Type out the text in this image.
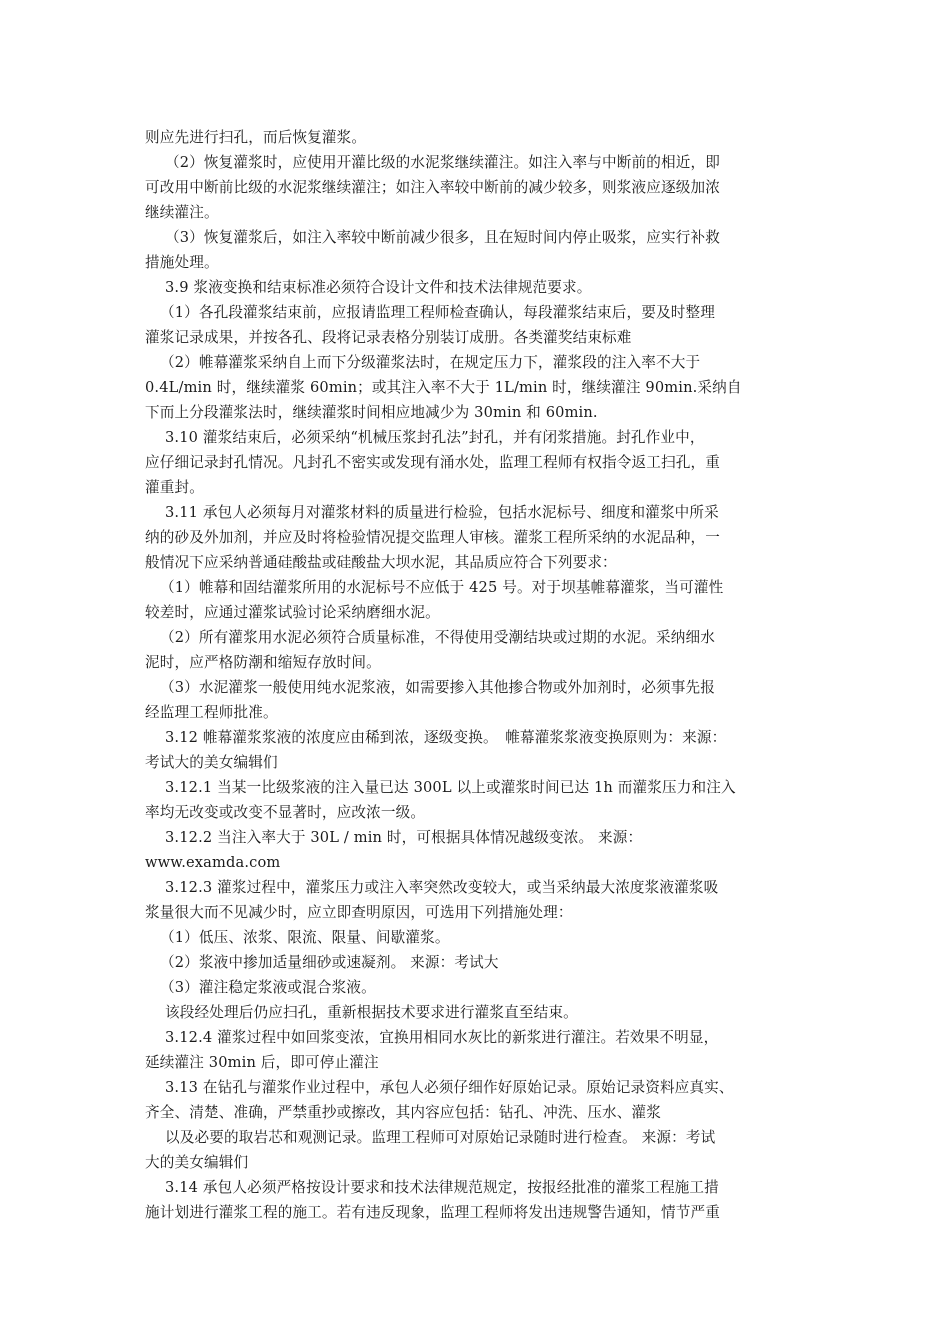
则应先进行扫孔，而后恢复灌浆。
（2）恢复灌浆时，应使用开灌比级的水泥浆继续灌注。如注入率与中断前的相近，即
可改用中断前比级的水泥浆继续灌注；如注入率较中断前的减少较多，则浆液应逐级加浓
继续灌注。
（3）恢复灌浆后，如注入率较中断前减少很多，且在短时间内停止吸浆，应实行补救
措施处理。
3.9 浆液变换和结束标准必须符合设计文件和技术法律规范要求。
（1）各孔段灌浆结束前，应报请监理工程师检查确认，每段灌浆结束后，要及时整理
灌浆记录成果，并按各孔、段将记录表格分别装订成册。各类灌奖结束标难
（2）帷幕灌浆采纳自上而下分级灌浆法时，在规定压力下，灌浆段的注入率不大于
0.4L/min 时，继续灌浆 60min；或其注入率不大于 1L/min 时，继续灌注 90min.采纳自
下而上分段灌浆法时，继续灌浆时间相应地减少为 30min 和 60min.
3.10 灌浆结束后，必须采纳“机械压浆封孔法”封孔，并有闭浆措施。封孔作业中，
应仔细记录封孔情况。凡封孔不密实或发现有涌水处，监理工程师有权指令返工扫孔，重
灌重封。
3.11 承包人必须每月对灌浆材料的质量进行检验，包括水泥标号、细度和灌浆中所采
纳的砂及外加剂，并应及时将检验情况提交监理人审核。灌浆工程所采纳的水泥品种，一
般情况下应采纳普通硅酸盐或硅酸盐大坝水泥，其品质应符合下列要求：
（1）帷幕和固结灌浆所用的水泥标号不应低于 425 号。对于坝基帷幕灌浆，当可灌性
较差时，应通过灌浆试验讨论采纳磨细水泥。
（2）所有灌浆用水泥必须符合质量标准，不得使用受潮结块或过期的水泥。采纳细水
泥时，应严格防潮和缩短存放时间。
（3）水泥灌浆一般使用纯水泥浆液，如需要掺入其他掺合物或外加剂时，必须事先报
经监理工程师批准。
3.12 帷幕灌浆浆液的浓度应由稀到浓，逐级变换。　帷幕灌浆浆液变换原则为：来源：
考试大的美女编辑们
3.12.1 当某一比级浆液的注入量已达 300L 以上或灌浆时间已达 1h 而灌浆压力和注入
率均无改变或改变不显著时，应改浓一级。
3.12.2 当注入率大于 30L / min 时，可根据具体情况越级变浓。 来源：
www.examda.com
3.12.3 灌浆过程中，灌浆压力或注入率突然改变较大，或当采纳最大浓度浆液灌浆吸
浆量很大而不见减少时，应立即查明原因，可选用下列措施处理：
（1）低压、浓浆、限流、限量、间歇灌浆。
（2）浆液中掺加适量细砂或速凝剂。 来源：考试大
（3）灌注稳定浆液或混合浆液。
该段经处理后仍应扫孔，重新根据技术要求进行灌浆直至结束。
3.12.4 灌浆过程中如回浆变浓，宜换用相同水灰比的新浆进行灌注。若效果不明显，
延续灌注 30min 后，即可停止灌注
3.13 在钻孔与灌浆作业过程中，承包人必须仔细作好原始记录。原始记录资料应真实、
齐全、清楚、准确，严禁重抄或擦改，其内容应包括：钻孔、冲洗、压水、灌浆
以及必要的取岩芯和观测记录。监理工程师可对原始记录随时进行检查。 来源：考试
大的美女编辑们
3.14 承包人必须严格按设计要求和技术法律规范规定，按报经批准的灌浆工程施工措
施计划进行灌浆工程的施工。若有违反现象，监理工程师将发出违规警告通知，情节严重
